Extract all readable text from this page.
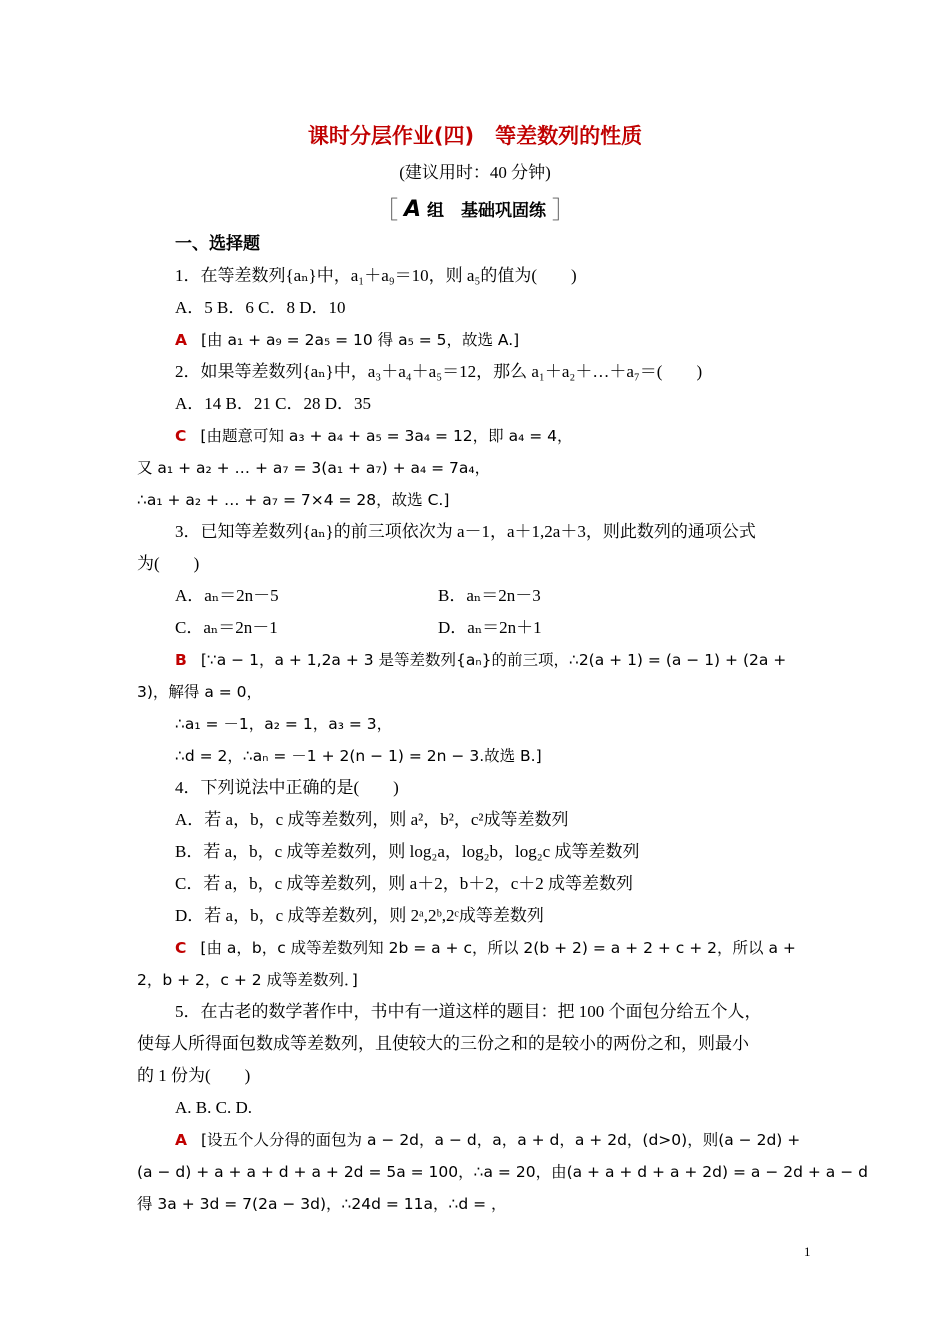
课时分层作业(四)　等差数列的性质
(建议用时：40 分钟)
［ A 组　基础巩固练 ］
一、选择题
1．在等差数列{aₙ}中，a₁＋a₉＝10，则 a₅的值为(　　)
A．5 B．6 C．8 D．10
A [由 a₁ + a₉ = 2a₅ = 10 得 a₅ = 5，故选 A.]
2．如果等差数列{aₙ}中，a₃＋a₄＋a₅＝12，那么 a₁＋a₂＋…＋a₇＝(　　)
A．14 B．21 C．28 D．35
C [由题意可知 a₃ + a₄ + a₅ = 3a₄ = 12，即 a₄ = 4，
又 a₁ + a₂ + … + a₇ = 3(a₁ + a₇) + a₄ = 7a₄，
∴a₁ + a₂ + … + a₇ = 7×4 = 28，故选 C.]
3．已知等差数列{aₙ}的前三项依次为 a－1，a＋1,2a＋3，则此数列的通项公式
为(　　)
A．aₙ＝2n－5	B．aₙ＝2n－3
C．aₙ＝2n－1	D．aₙ＝2n＋1
B [∵a − 1，a + 1,2a + 3 是等差数列{aₙ}的前三项，∴2(a + 1) = (a − 1) + (2a +
3)，解得 a = 0，
∴a₁ = －1，a₂ = 1，a₃ = 3，
∴d = 2，∴aₙ = －1 + 2(n − 1) = 2n − 3.故选 B.]
4．下列说法中正确的是(　　)
A．若 a，b，c 成等差数列，则 a²，b²，c²成等差数列
B．若 a，b，c 成等差数列，则 log₂a，log₂b，log₂c 成等差数列
C．若 a，b，c 成等差数列，则 a＋2，b＋2，c＋2 成等差数列
D．若 a，b，c 成等差数列，则 2ᵃ,2ᵇ,2ᶜ成等差数列
C [由 a，b，c 成等差数列知 2b = a + c，所以 2(b + 2) = a + 2 + c + 2，所以 a +
2，b + 2，c + 2 成等差数列．]
5．在古老的数学著作中，书中有一道这样的题目：把 100 个面包分给五个人，
使每人所得面包数成等差数列，且使较大的三份之和的是较小的两份之和，则最小
的 1 份为(　　)
A. B. C. D.
A [设五个人分得的面包为 a − 2d，a − d，a，a + d，a + 2d，(d>0)，则(a − 2d) +
(a − d) + a + a + d + a + 2d = 5a = 100，∴a = 20，由(a + a + d + a + 2d) = a − 2d + a − d
得 3a + 3d = 7(2a − 3d)，∴24d = 11a，∴d = ，
1
